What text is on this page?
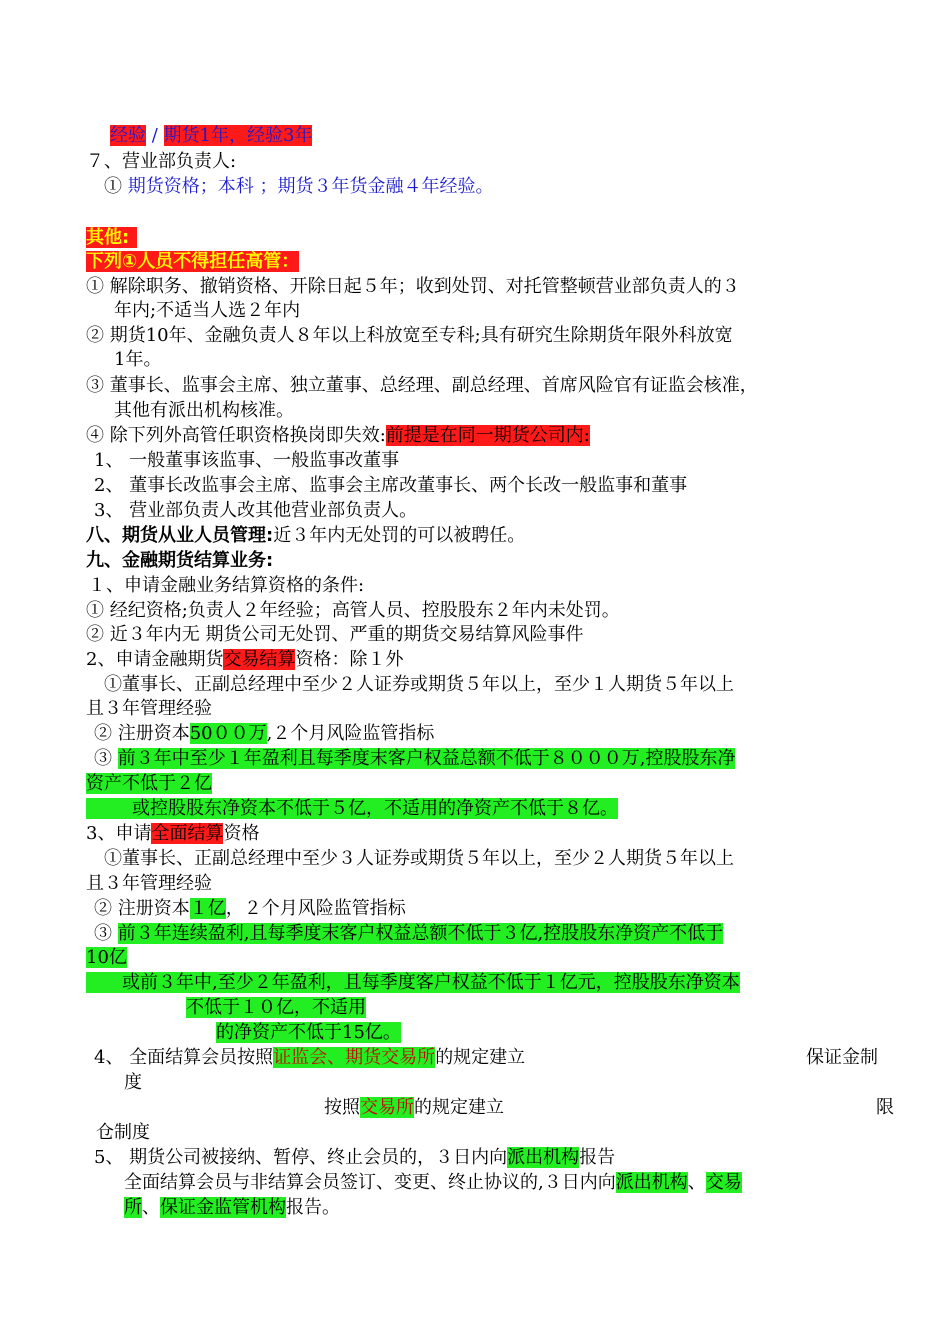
经验 / 期货1年，经验3年
７、营业部负责人:
① 期货资格；本科 ；期货３年货金融４年经验。
其他:
下列①人员不得担任高管：
① 解除职务、撤销资格、开除日起５年；收到处罚、对托管整顿营业部负责人的３
年内;不适当人选２年内
② 期货10年、金融负责人８年以上科放宽至专科;具有研究生除期货年限外科放宽
1年。
③ 董事长、监事会主席、独立董事、总经理、副总经理、首席风险官有证监会核准，
其他有派出机构核准。
④ 除下列外高管任职资格换岗即失效:前提是在同一期货公司内:
1、 一般董事该监事、一般监事改董事
2、 董事长改监事会主席、监事会主席改董事长、两个长改一般监事和董事
3、 营业部负责人改其他营业部负责人。
八、期货从业人员管理:近３年内无处罚的可以被聘任。
九、金融期货结算业务:
１、申请金融业务结算资格的条件:
① 经纪资格;负责人２年经验；高管人员、控股股东２年内未处罚。
② 近３年内无 期货公司无处罚、严重的期货交易结算风险事件
2、申请金融期货交易结算资格：除１外
①董事长、正副总经理中至少２人证券或期货５年以上，至少１人期货５年以上
且３年管理经验
② 注册资本50００万,２个月风险监管指标
③ 前３年中至少１年盈利且每季度末客户权益总额不低于８０００万,控股股东净
资产不低于２亿
或控股股东净资本不低于５亿，不适用的净资产不低于８亿。
3、申请全面结算资格
①董事长、正副总经理中至少３人证券或期货５年以上，至少２人期货５年以上
且３年管理经验
② 注册资本１亿，２个月风险监管指标
③ 前３年连续盈利,且每季度末客户权益总额不低于３亿,控股股东净资产不低于
10亿
或前３年中,至少２年盈利，且每季度客户权益不低于１亿元，控股股东净资本
不低于１０亿，不适用
的净资产不低于15亿。
4、 全面结算会员按照证监会、期货交易所的规定建立	保证金制
度
按照交易所的规定建立	限
仓制度
5、 期货公司被接纳、暂停、终止会员的，３日内向派出机构报告
全面结算会员与非结算会员签订、变更、终止协议的,３日内向派出机构、交易
所、保证金监管机构报告。
